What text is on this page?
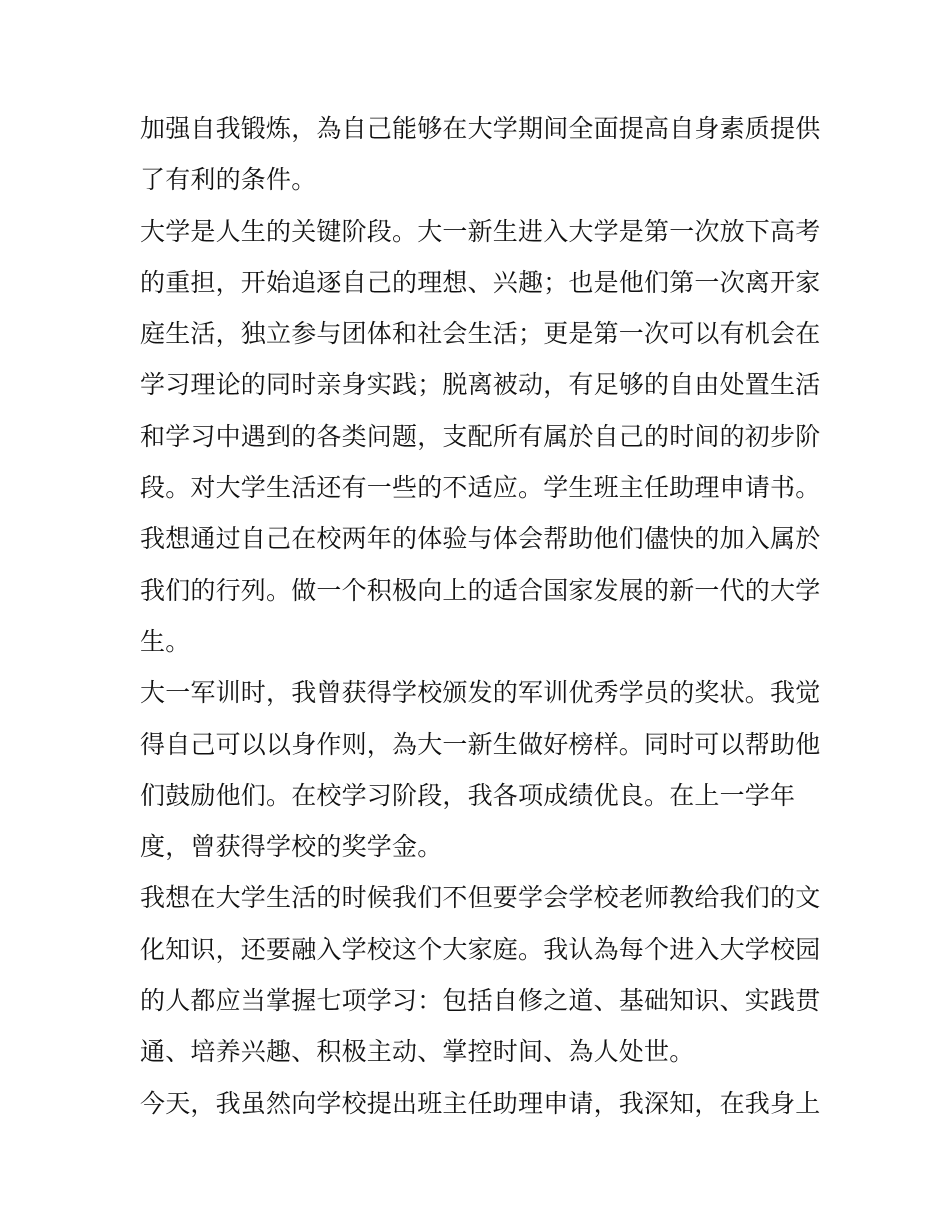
加强自我锻炼，為自己能够在大学期间全面提高自身素质提供
了有利的条件。
大学是人生的关键阶段。大一新生进入大学是第一次放下高考
的重担，开始追逐自己的理想、兴趣；也是他们第一次离开家
庭生活，独立参与团体和社会生活；更是第一次可以有机会在
学习理论的同时亲身实践；脱离被动，有足够的自由处置生活
和学习中遇到的各类问题，支配所有属於自己的时间的初步阶
段。对大学生活还有一些的不适应。学生班主任助理申请书。
我想通过自己在校两年的体验与体会帮助他们儘快的加入属於
我们的行列。做一个积极向上的适合国家发展的新一代的大学
生。
大一军训时，我曾获得学校颁发的军训优秀学员的奖状。我觉
得自己可以以身作则，為大一新生做好榜样。同时可以帮助他
们鼓励他们。在校学习阶段，我各项成绩优良。在上一学年
度，曾获得学校的奖学金。
我想在大学生活的时候我们不但要学会学校老师教给我们的文
化知识，还要融入学校这个大家庭。我认為每个进入大学校园
的人都应当掌握七项学习：包括自修之道、基础知识、实践贯
通、培养兴趣、积极主动、掌控时间、為人处世。
今天，我虽然向学校提出班主任助理申请，我深知，在我身上
